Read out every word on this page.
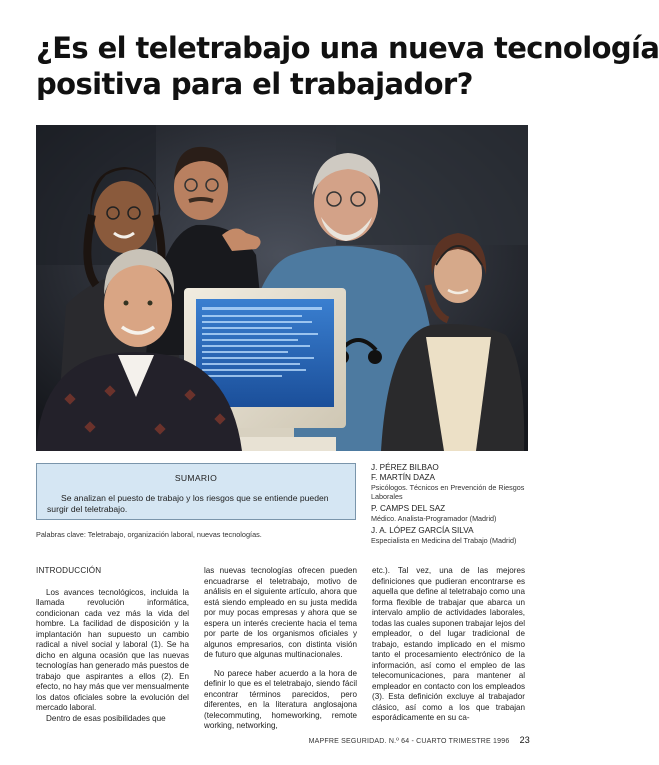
¿Es el teletrabajo una nueva tecnología
positiva para el trabajador?
SUMARIO
Se analizan el puesto de trabajo y los riesgos que se entiende pueden surgir del teletrabajo.
Palabras clave: Teletrabajo, organización laboral, nuevas tecnologías.
J. PÉREZ BILBAO
F. MARTÍN DAZA
Psicólogos. Técnicos en Prevención de Riesgos Laborales
P. CAMPS DEL SAZ
Médico. Analista-Programador (Madrid)
J. A. LÓPEZ GARCÍA SILVA
Especialista en Medicina del Trabajo (Madrid)
INTRODUCCIÓN

Los avances tecnológicos, incluida la llamada revolución informática, condicionan cada vez más la vida del hombre. La facilidad de disposición y la implantación han supuesto un cambio radical a nivel social y laboral (1). Se ha dicho en alguna ocasión que las nuevas tecnologías han generado más puestos de trabajo que aspirantes a ellos (2). En efecto, no hay más que ver mensualmente los datos oficiales sobre la evolución del mercado laboral.

Dentro de esas posibilidades que

las nuevas tecnologías ofrecen pueden encuadrarse el teletrabajo, motivo de análisis en el siguiente artículo, ahora que está siendo empleado en su justa medida por muy pocas empresas y ahora que se espera un interés creciente hacia el tema por parte de los organismos oficiales y algunos empresarios, con distinta visión de futuro que algunas multinacionales.

No parece haber acuerdo a la hora de definir lo que es el teletrabajo, siendo fácil encontrar términos parecidos, pero diferentes, en la literatura anglosajona (telecommuting, homeworking, remote working, networking,

etc.). Tal vez, una de las mejores definiciones que pudieran encontrarse es aquella que define al teletrabajo como una forma flexible de trabajar que abarca un intervalo amplio de actividades laborales, todas las cuales suponen trabajar lejos del empleador, o del lugar tradicional de trabajo, estando implicado en el mismo tanto el procesamiento electrónico de la información, así como el empleo de las telecomunicaciones, para mantener al empleador en contacto con los empleados (3). Esta definición excluye al trabajador clásico, así como a los que trabajan esporádicamente en su ca-

MAPFRE SEGURIDAD. N.º 64 - CUARTO TRIMESTRE 1996 23
